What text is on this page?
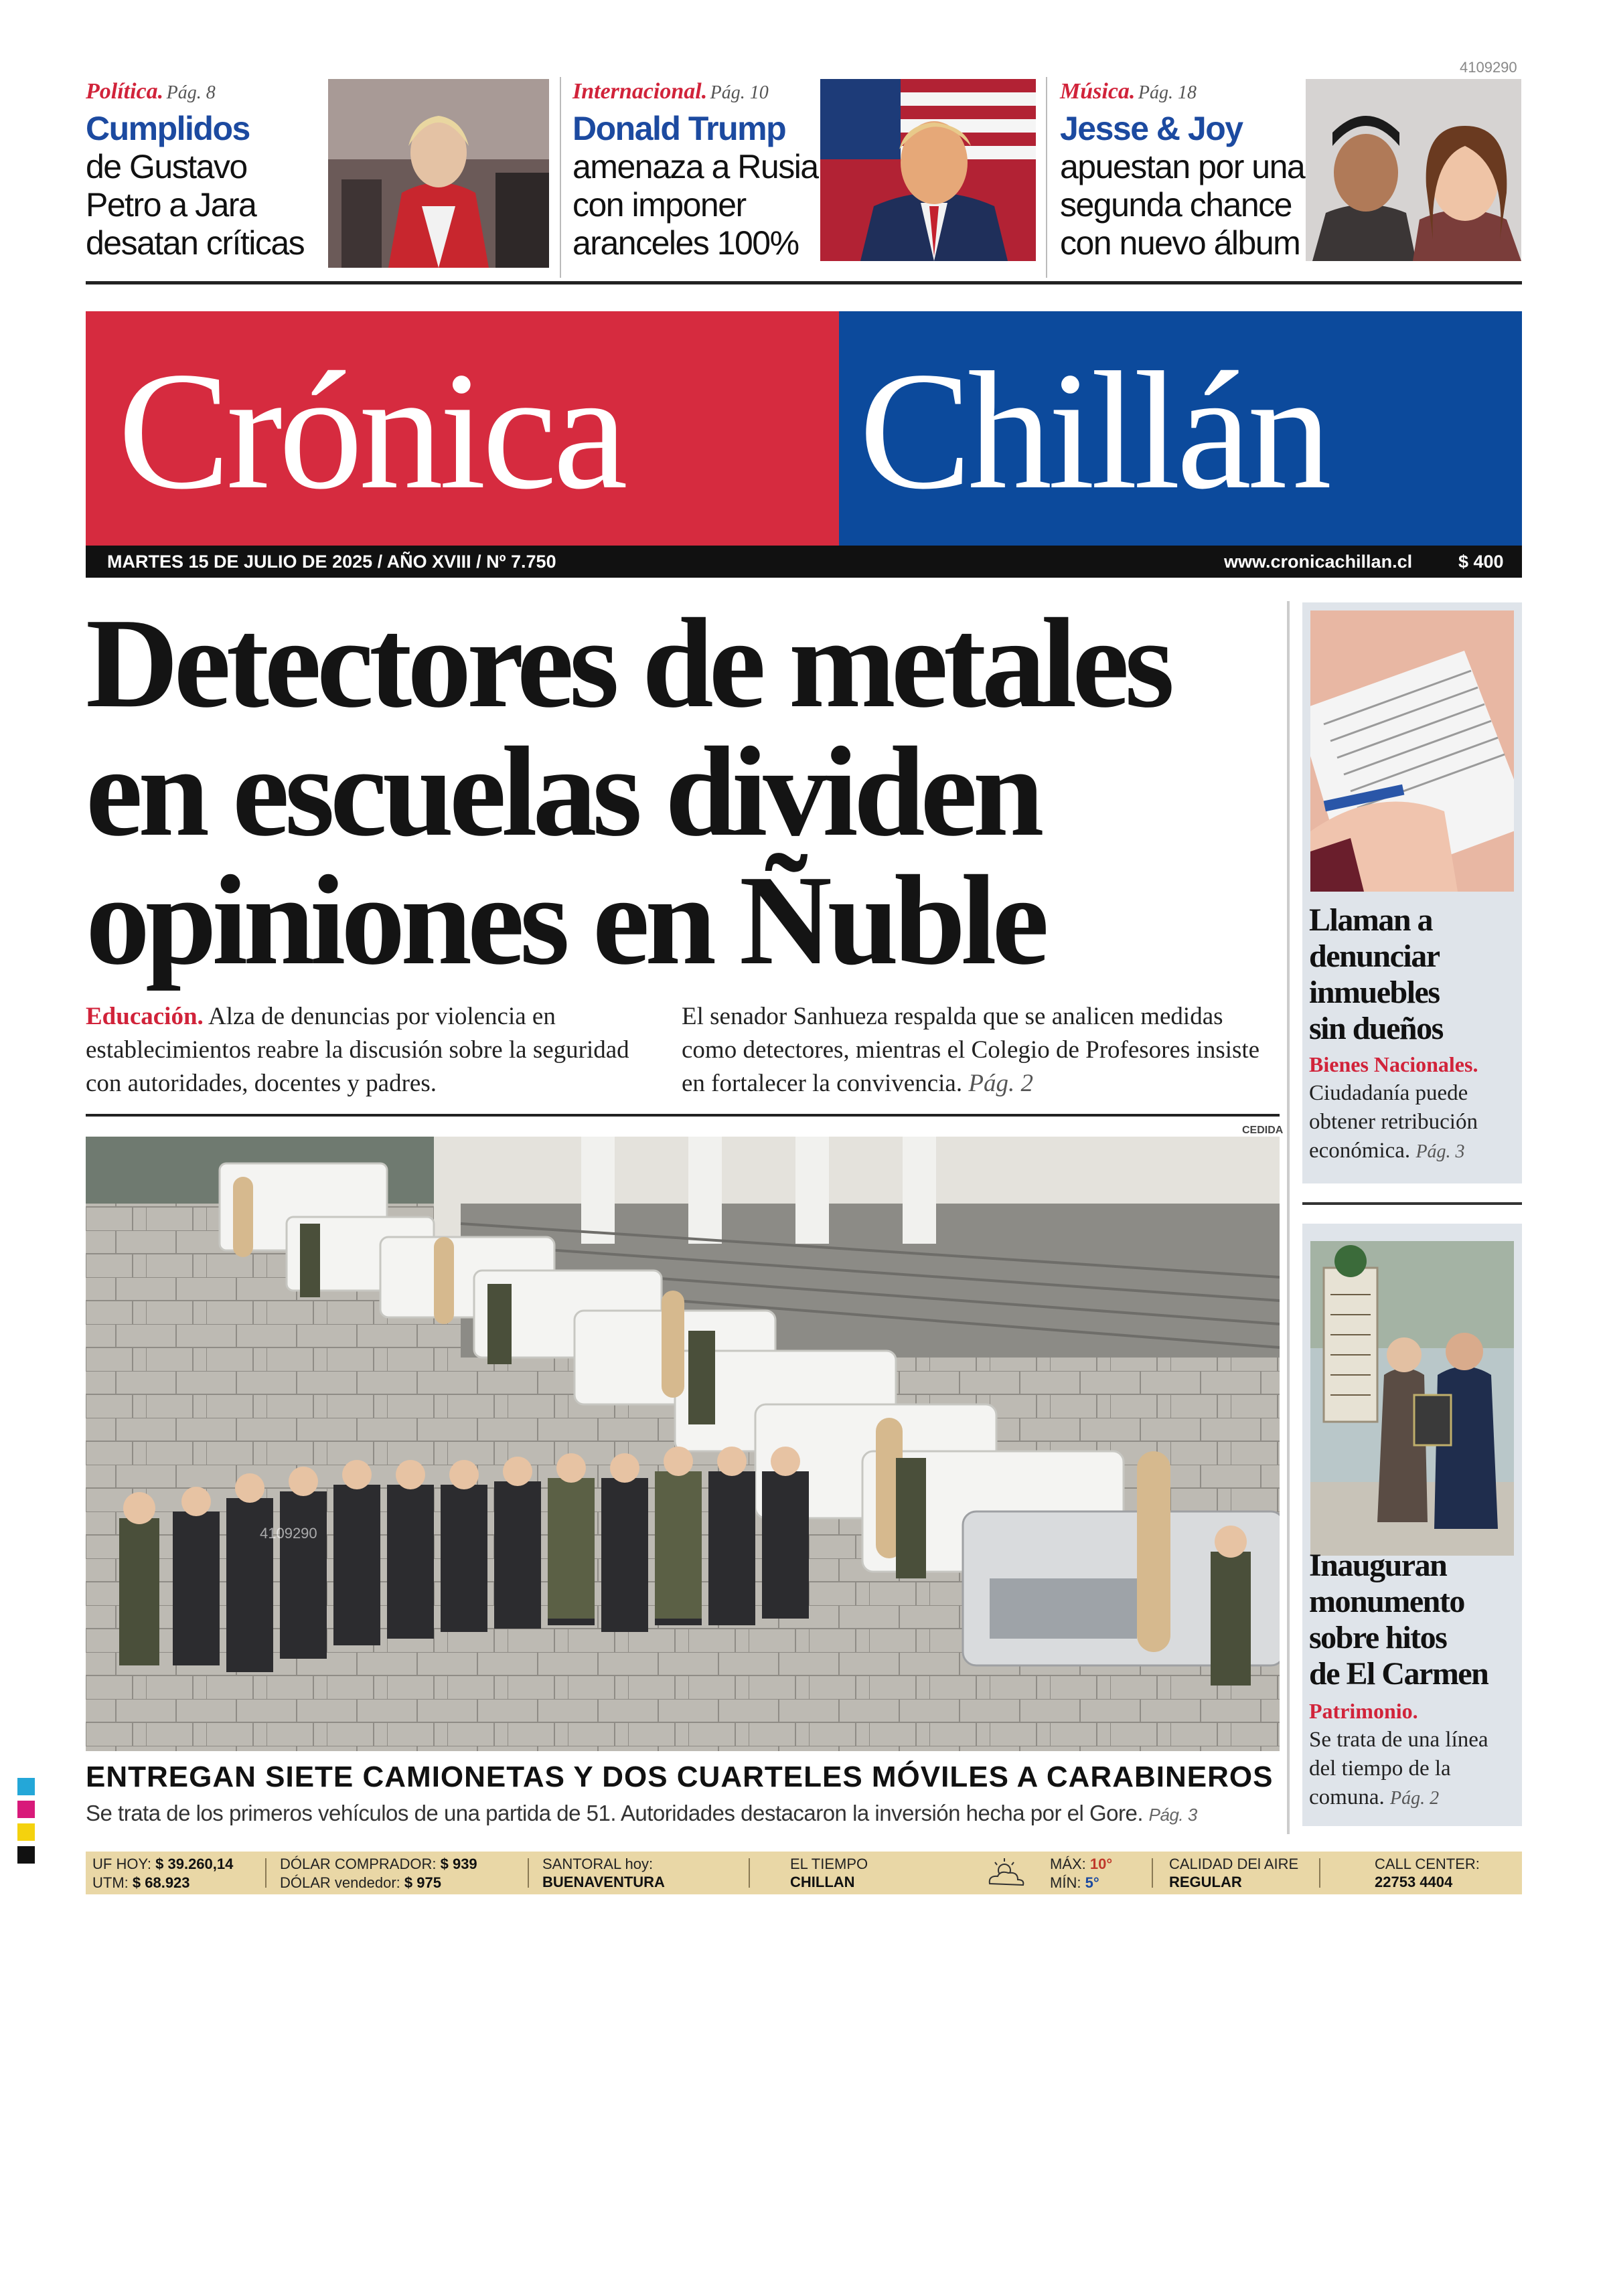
4109290
Política. Pág. 8
Cumplidos
de Gustavo
Petro a Jara
desatan críticas
Internacional. Pág. 10
Donald Trump
amenaza a Rusia
con imponer
aranceles 100%
Música. Pág. 18
Jesse & Joy
apuestan por una
segunda chance
con nuevo álbum
Crónica Chillán
MARTES 15 DE JULIO DE 2025 / AÑO XVIII / Nº 7.750	www.cronicachillan.cl	$ 400
Detectores de metales
en escuelas dividen
opiniones en Ñuble
Educación. Alza de denuncias por violencia en establecimientos reabre la discusión sobre la seguridad con autoridades, docentes y padres.
El senador Sanhueza respalda que se analicen medidas como detectores, mientras el Colegio de Profesores insiste en fortalecer la convivencia. Pág. 2
CEDIDA
4109290
ENTREGAN SIETE CAMIONETAS Y DOS CUARTELES MÓVILES A CARABINEROS
Se trata de los primeros vehículos de una partida de 51. Autoridades destacaron la inversión hecha por el Gore. Pág. 3
Llaman a
denunciar
inmuebles
sin dueños
Bienes Nacionales.
Ciudadanía puede
obtener retribución
económica. Pág. 3
Inauguran
monumento
sobre hitos
de El Carmen
Patrimonio.
Se trata de una línea
del tiempo de la
comuna. Pág. 2
UF HOY: $ 39.260,14
UTM: $ 68.923
DÓLAR COMPRADOR: $ 939
DÓLAR vendedor: $ 975
SANTORAL hoy:
BUENAVENTURA
EL TIEMPO
CHILLAN
MÁX: 10°
MÍN: 5°
CALIDAD DEl AIRE
REGULAR
CALL CENTER:
22753 4404
